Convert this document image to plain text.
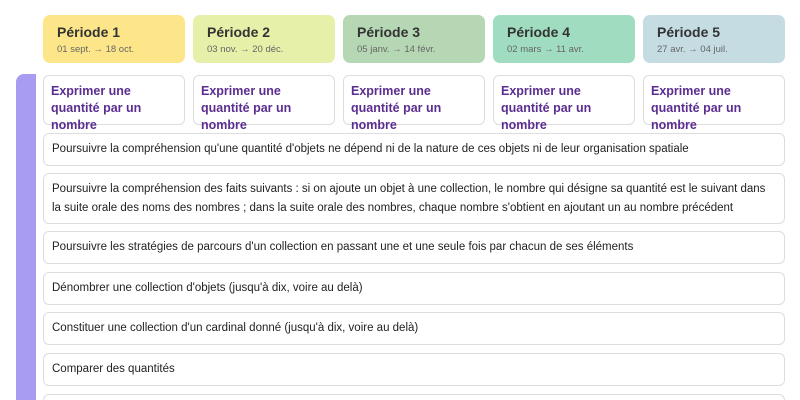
Période 1
01 sept. → 18 oct.
Période 2
03 nov. → 20 déc.
Période 3
05 janv. → 14 févr.
Période 4
02 mars → 11 avr.
Période 5
27 avr. → 04 juil.
Exprimer une quantité par un nombre
Exprimer une quantité par un nombre
Exprimer une quantité par un nombre
Exprimer une quantité par un nombre
Exprimer une quantité par un nombre
Poursuivre la compréhension qu'une quantité d'objets ne dépend ni de la nature de ces objets ni de leur organisation spatiale
Poursuivre la compréhension des faits suivants : si on ajoute un objet à une collection, le nombre qui désigne sa quantité est le suivant dans la suite orale des noms des nombres ; dans la suite orale des nombres, chaque nombre s'obtient en ajoutant un au nombre précédent
Poursuivre les stratégies de parcours d'un collection en passant une et une seule fois par chacun de ses éléments
Dénombrer une collection d'objets (jusqu'à dix, voire au delà)
Constituer une collection d'un cardinal donné (jusqu'à dix, voire au delà)
Comparer des quantités
